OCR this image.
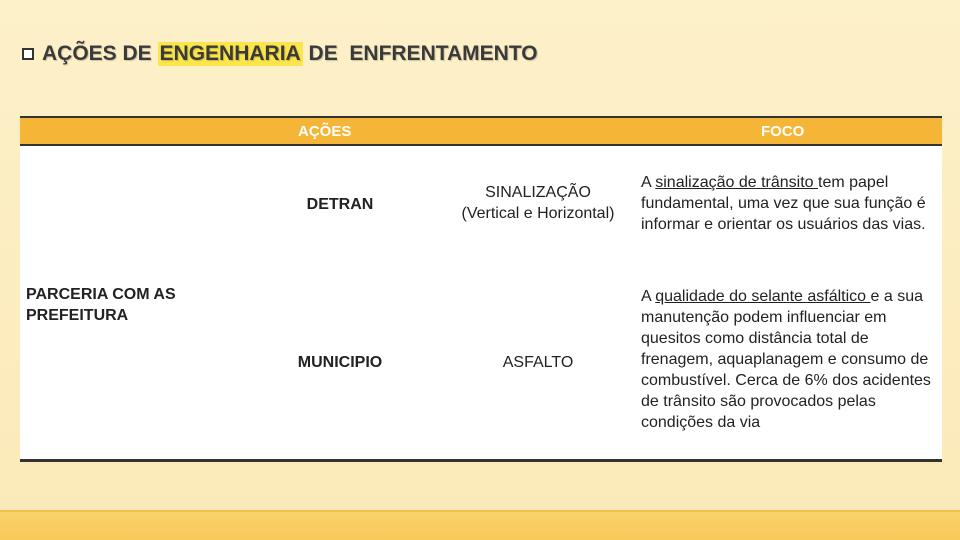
AÇÕES DE ENGENHARIA DE  ENFRENTAMENTO
AÇÕES	FOCO
PARCERIA COM AS PREFEITURA
DETRAN
SINALIZAÇÃO
(Vertical e Horizontal)
A sinalização de trânsito tem papel fundamental, uma vez que sua função é informar e orientar os usuários das vias.
MUNICIPIO	ASFALTO
A qualidade do selante asfáltico e a sua manutenção podem influenciar em quesitos como distância total de frenagem, aquaplanagem e consumo de combustível. Cerca de 6% dos acidentes de trânsito são provocados pelas condições da via
